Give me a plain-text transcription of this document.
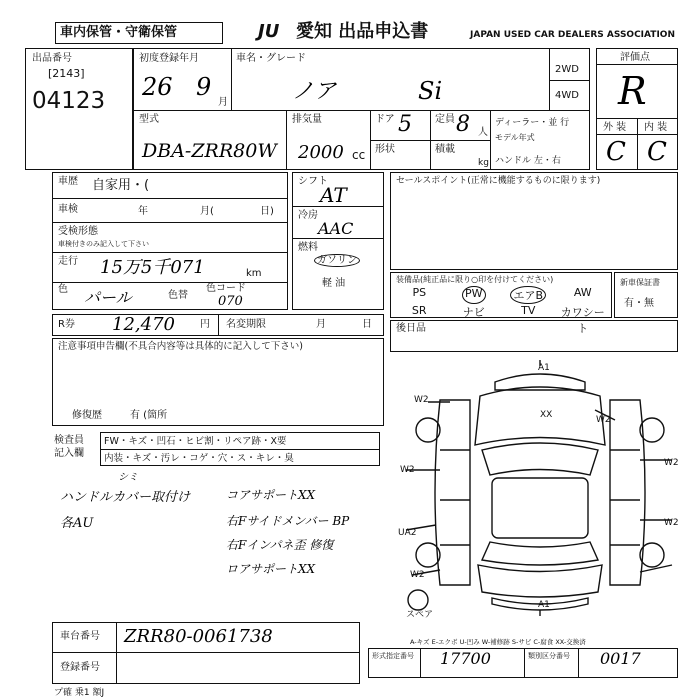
車内保管・守衛保管	JU 愛知 出品申込書	JAPAN USED CAR DEALERS ASSOCIATION
出品番号
[2143]
04123
初度登録年月
26 9
月
型式
DBA-ZRR80W
車名・グレード
ノア	Si
2WD
4WD
排気量
2000 cc
ドア 5 定員 8 人
形状	積載
kg
ディーラー・並 行
モデル年式
ハンドル 左・右
評価点
R
外 装 内 装
C C
車歴 自家用・(
車検	年	月(	日)
受検形態
車検付きのみ記入して下さい
走行 15万5千071	km
色 パール	色替
色コード
070
シフト
AT
冷房
AAC
燃料
ガソリン
軽 油
セールスポイント(正常に機能するものに限ります)
装備品(純正品に限り○印を付けてください)
PS	PW	エアB	AW
SR	ナビ	TV	カワシート
新車保証書
有・無
R券 12,470	円 名変期限	月	日
注意事項申告欄(不具合内容等は具体的に記入して下さい)
修復歴	有 (箇所
後日品
検査員記入欄
FW・キズ・凹石・ヒビ割・リペア跡・X要
内装・キズ・汚レ・コゲ・穴・ス・キレ・臭
シミ
ハンドルカバー取付け
各AU
コアサポートXX
右Fサイドメンバー BP
右Fインパネ歪 修復
ロアサポートXX
A1
W2
XX	W2
W2
W2
UA2
W2
W2
A1
スペア
A-キズ E-エクボ U-凹み W-補修跡 S-サビ C-腐食 XX-交換済
車台番号 ZRR80-0061738
登録番号
形式指定番号 17700	類別区分番号 0017
プ確 乗1 額J
